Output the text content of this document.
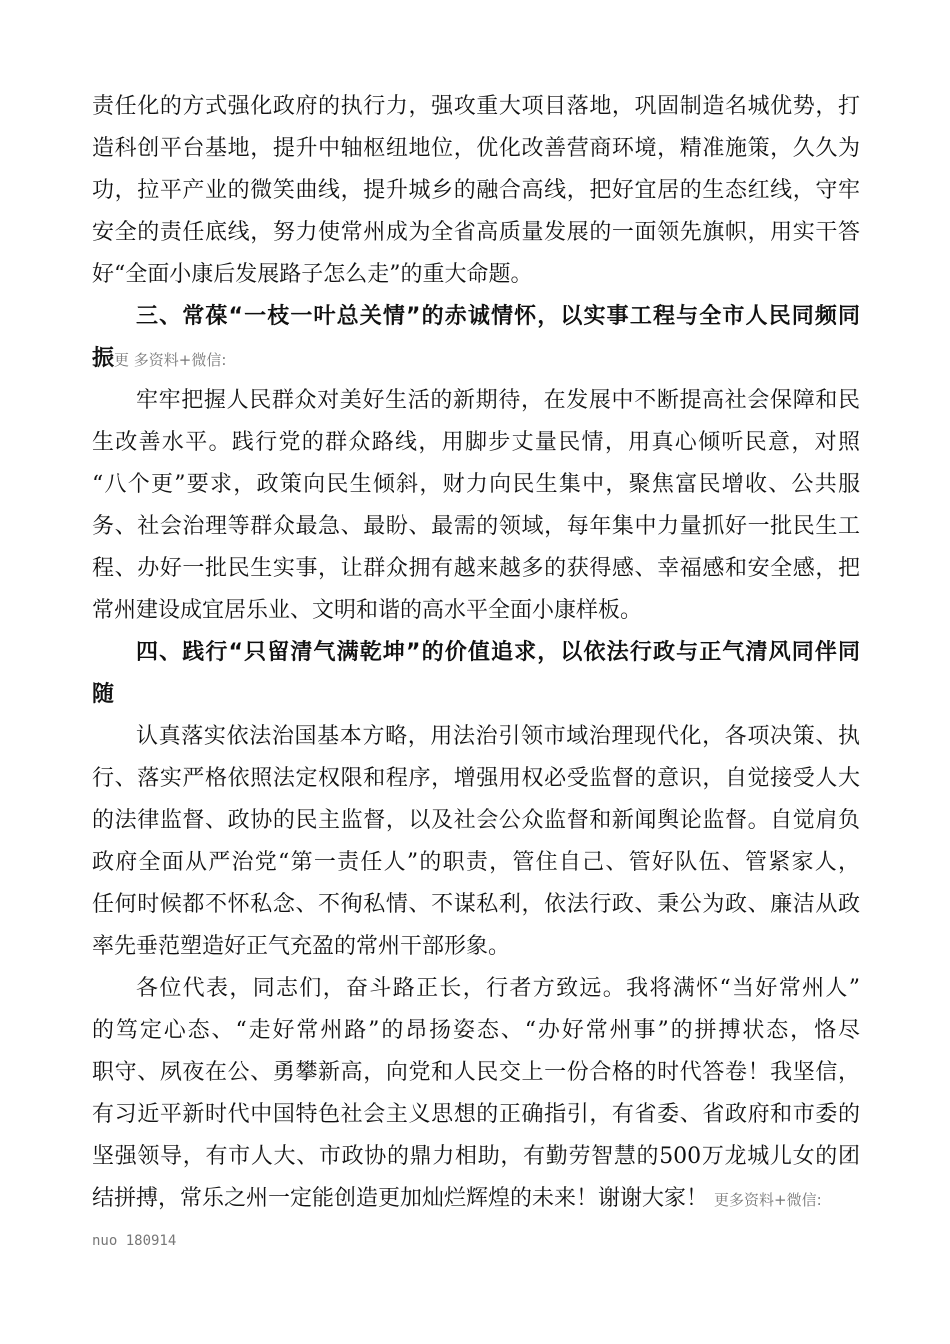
责任化的方式强化政府的执行力，强攻重大项目落地，巩固制造名城优势，打
造科创平台基地，提升中轴枢纽地位，优化改善营商环境，精准施策，久久为
功，拉平产业的微笑曲线，提升城乡的融合高线，把好宜居的生态红线，守牢
安全的责任底线，努力使常州成为全省高质量发展的一面领先旗帜，用实干答
好“全面小康后发展路子怎么走”的重大命题。
三、常葆“一枝一叶总关情”的赤诚情怀，以实事工程与全市人民同频同
振更 多资料+微信:
牢牢把握人民群众对美好生活的新期待，在发展中不断提高社会保障和民
生改善水平。践行党的群众路线，用脚步丈量民情，用真心倾听民意，对照
“八个更”要求，政策向民生倾斜，财力向民生集中，聚焦富民增收、公共服
务、社会治理等群众最急、最盼、最需的领域，每年集中力量抓好一批民生工
程、办好一批民生实事，让群众拥有越来越多的获得感、幸福感和安全感，把
常州建设成宜居乐业、文明和谐的高水平全面小康样板。
四、践行“只留清气满乾坤”的价值追求，以依法行政与正气清风同伴同
随
认真落实依法治国基本方略，用法治引领市域治理现代化，各项决策、执
行、落实严格依照法定权限和程序，增强用权必受监督的意识，自觉接受人大
的法律监督、政协的民主监督，以及社会公众监督和新闻舆论监督。自觉肩负
政府全面从严治党“第一责任人”的职责，管住自己、管好队伍、管紧家人，
任何时候都不怀私念、不徇私情、不谋私利，依法行政、秉公为政、廉洁从政
率先垂范塑造好正气充盈的常州干部形象。
各位代表，同志们，奋斗路正长，行者方致远。我将满怀“当好常州人”
的笃定心态、“走好常州路”的昂扬姿态、“办好常州事”的拼搏状态，恪尽
职守、夙夜在公、勇攀新高，向党和人民交上一份合格的时代答卷！我坚信，
有习近平新时代中国特色社会主义思想的正确指引，有省委、省政府和市委的
坚强领导，有市人大、市政协的鼎力相助，有勤劳智慧的500万龙城儿女的团
结拼搏，常乐之州一定能创造更加灿烂辉煌的未来！谢谢大家！ 更多资料+微信:
nuo 180914
